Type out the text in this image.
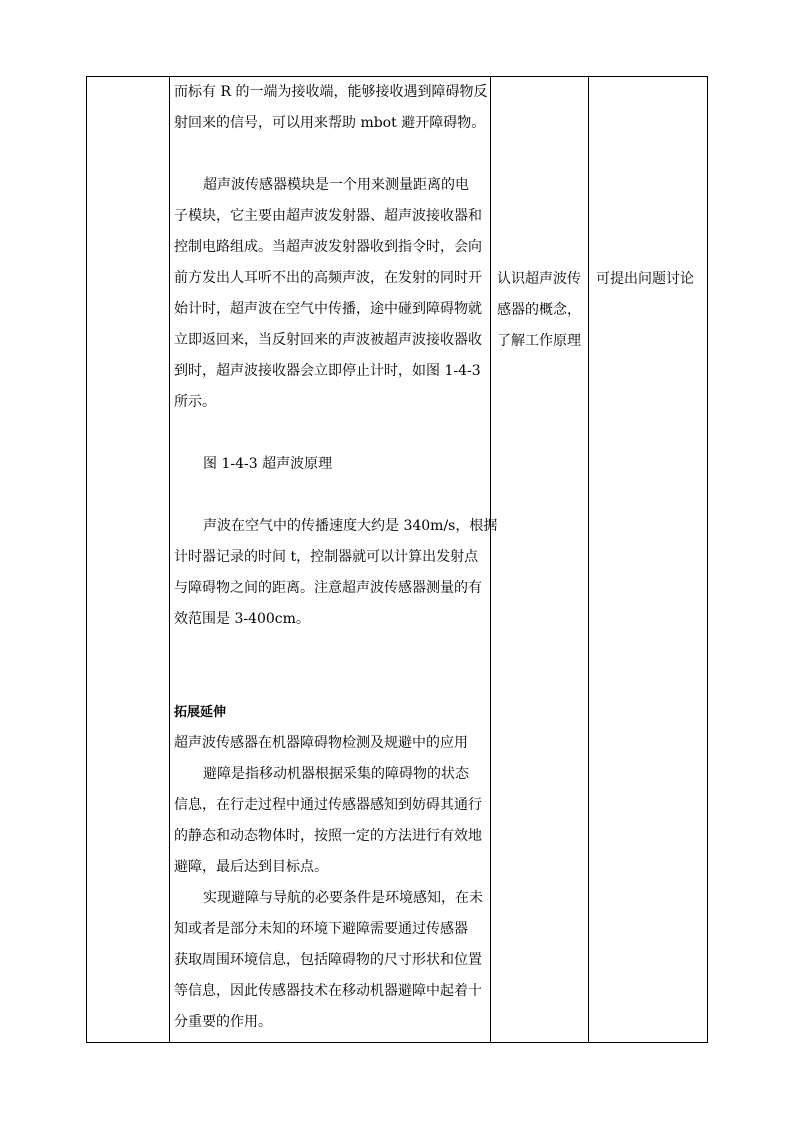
而标有 R 的一端为接收端，能够接收遇到障碍物反

射回来的信号，可以用来帮助 mbot 避开障碍物。

超声波传感器模块是一个用来测量距离的电

子模块，它主要由超声波发射器、超声波接收器和

控制电路组成。当超声波发射器收到指令时，会向

前方发出人耳听不出的高频声波，在发射的同时开

始计时，超声波在空气中传播，途中碰到障碍物就

立即返回来，当反射回来的声波被超声波接收器收

到时，超声波接收器会立即停止计时，如图 1-4-3

所示。

图 1-4-3 超声波原理

声波在空气中的传播速度大约是 340m/s，根据

计时器记录的时间 t，控制器就可以计算出发射点

与障碍物之间的距离。注意超声波传感器测量的有

效范围是 3-400cm。

拓展延伸

超声波传感器在机器障碍物检测及规避中的应用

避障是指移动机器根据采集的障碍物的状态

信息，在行走过程中通过传感器感知到妨碍其通行

的静态和动态物体时，按照一定的方法进行有效地

避障，最后达到目标点。

实现避障与导航的必要条件是环境感知，在未

知或者是部分未知的环境下避障需要通过传感器

获取周围环境信息，包括障碍物的尺寸形状和位置

等信息，因此传感器技术在移动机器避障中起着十

分重要的作用。

认识超声波传

感器的概念，

了解工作原理

可提出问题讨论
